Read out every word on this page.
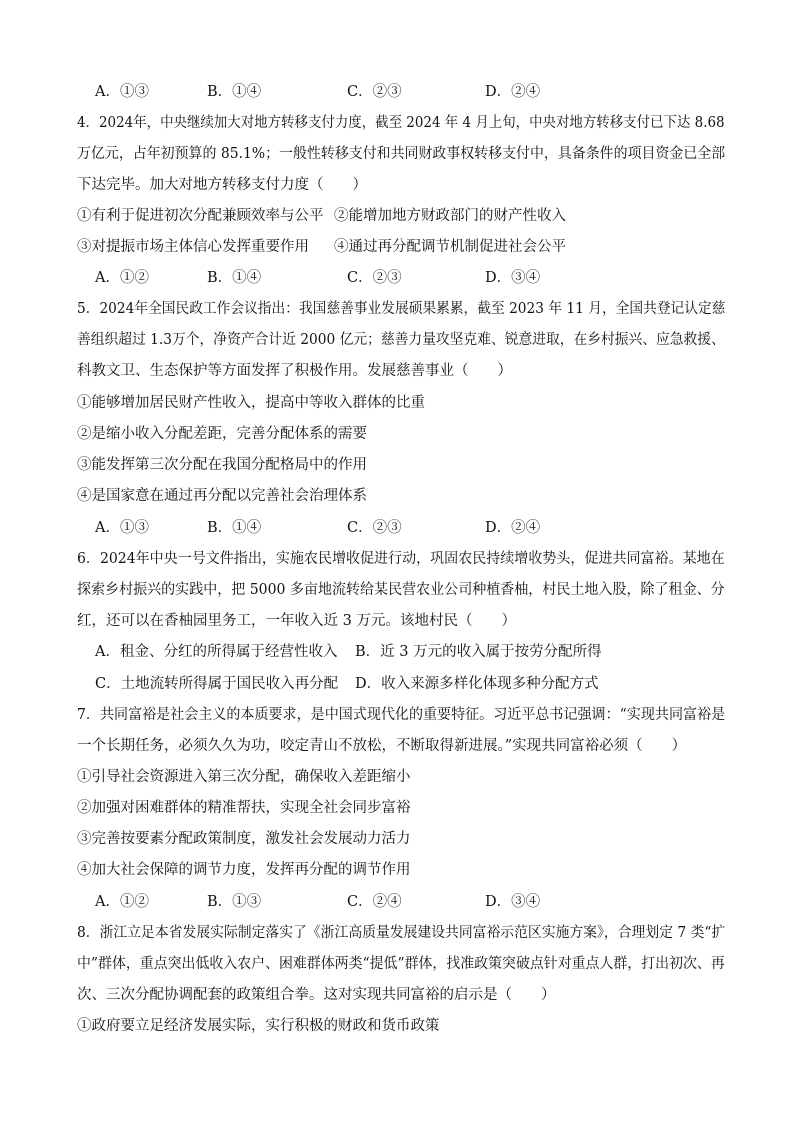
A．①③	B．①④	C．②③	D．②④
4．2024年，中央继续加大对地方转移支付力度，截至 2024 年 4 月上旬，中央对地方转移支付已下达 8.68
万亿元，占年初预算的 85.1%；一般性转移支付和共同财政事权转移支付中，具备条件的项目资金已全部
下达完毕。加大对地方转移支付力度（　　）
①有利于促进初次分配兼顾效率与公平 ②能增加地方财政部门的财产性收入
③对提振市场主体信心发挥重要作用 ④通过再分配调节机制促进社会公平
A．①②	B．①④	C．②③	D．③④
5．2024年全国民政工作会议指出：我国慈善事业发展硕果累累，截至 2023 年 11 月，全国共登记认定慈
善组织超过 1.3万个，净资产合计近 2000 亿元；慈善力量攻坚克难、锐意进取，在乡村振兴、应急救援、
科教文卫、生态保护等方面发挥了积极作用。发展慈善事业（　　）
①能够增加居民财产性收入，提高中等收入群体的比重
②是缩小收入分配差距，完善分配体系的需要
③能发挥第三次分配在我国分配格局中的作用
④是国家意在通过再分配以完善社会治理体系
A．①③	B．①④	C．②③	D．②④
6．2024年中央一号文件指出，实施农民增收促进行动，巩固农民持续增收势头，促进共同富裕。某地在
探索乡村振兴的实践中，把 5000 多亩地流转给某民营农业公司种植香柚，村民土地入股，除了租金、分
红，还可以在香柚园里务工，一年收入近 3 万元。该地村民（　　）
A．租金、分红的所得属于经营性收入 B．近 3 万元的收入属于按劳分配所得
C．土地流转所得属于国民收入再分配 D．收入来源多样化体现多种分配方式
7．共同富裕是社会主义的本质要求，是中国式现代化的重要特征。习近平总书记强调：“实现共同富裕是
一个长期任务，必须久久为功，咬定青山不放松，不断取得新进展。”实现共同富裕必须（　　）
①引导社会资源进入第三次分配，确保收入差距缩小
②加强对困难群体的精准帮扶，实现全社会同步富裕
③完善按要素分配政策制度，激发社会发展动力活力
④加大社会保障的调节力度，发挥再分配的调节作用
A．①②	B．①③	C．②④	D．③④
8．浙江立足本省发展实际制定落实了《浙江高质量发展建设共同富裕示范区实施方案》，合理划定 7 类“扩
中”群体，重点突出低收入农户、困难群体两类“提低”群体，找准政策突破点针对重点人群，打出初次、再
次、三次分配协调配套的政策组合拳。这对实现共同富裕的启示是（　　）
①政府要立足经济发展实际，实行积极的财政和货币政策
